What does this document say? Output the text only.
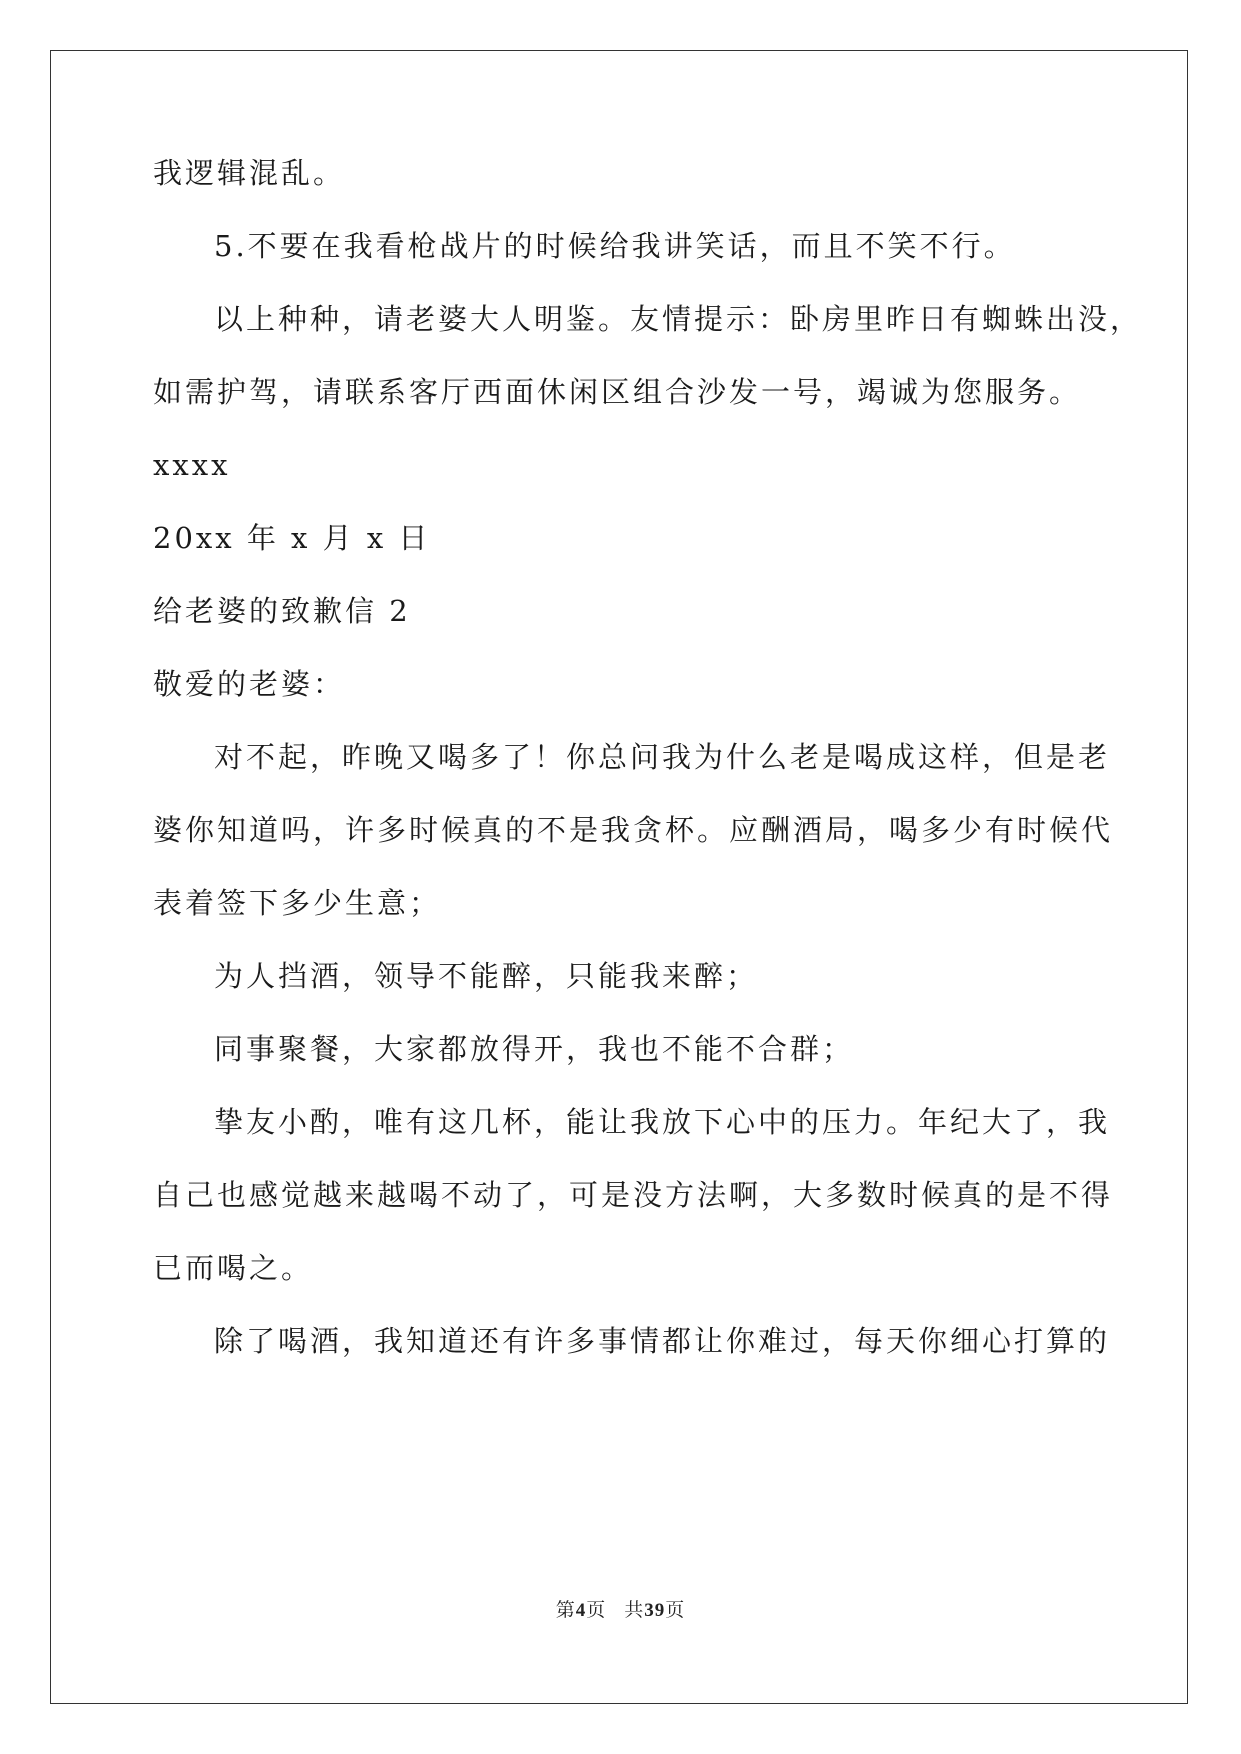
我逻辑混乱。
5.不要在我看枪战片的时候给我讲笑话，而且不笑不行。
以上种种，请老婆大人明鉴。友情提示：卧房里昨日有蜘蛛出没，
如需护驾，请联系客厅西面休闲区组合沙发一号，竭诚为您服务。
xxxx
20xx 年 x 月 x 日
给老婆的致歉信 2
敬爱的老婆：
对不起，昨晚又喝多了！你总问我为什么老是喝成这样，但是老
婆你知道吗，许多时候真的不是我贪杯。应酬酒局，喝多少有时候代
表着签下多少生意；
为人挡酒，领导不能醉，只能我来醉；
同事聚餐，大家都放得开，我也不能不合群；
挚友小酌，唯有这几杯，能让我放下心中的压力。年纪大了，我
自己也感觉越来越喝不动了，可是没方法啊，大多数时候真的是不得
已而喝之。
除了喝酒，我知道还有许多事情都让你难过，每天你细心打算的
第4页 共39页
